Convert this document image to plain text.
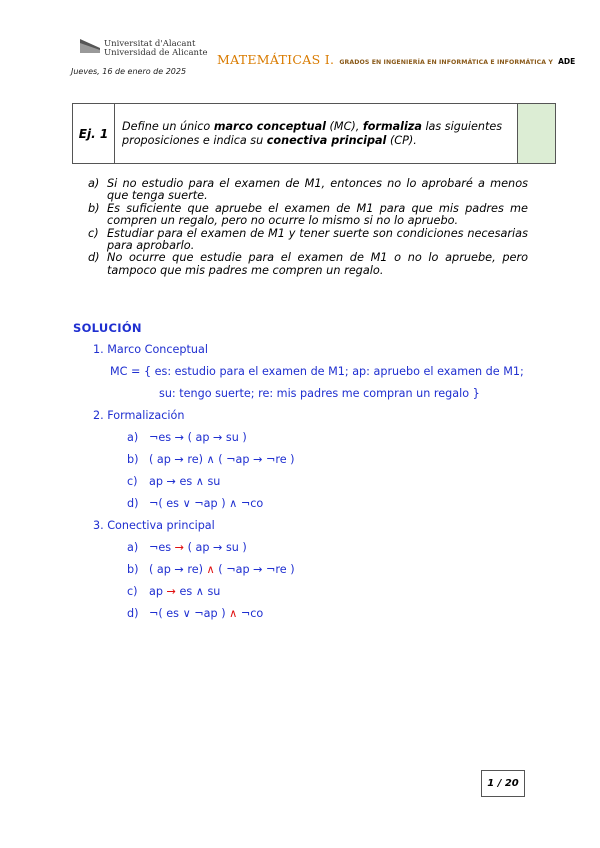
Universitat d'Alacant
Universidad de Alicante MATEMÁTICAS I. GRADOS EN INGENIERÍA EN INFORMÁTICA E INFORMÁTICA Y ADE
Jueves, 16 de enero de 2025
Ej. 1
Define un único marco conceptual (MC), formaliza las siguientes proposiciones e indica su conectiva principal (CP).
a) Si no estudio para el examen de M1, entonces no lo aprobaré a menos que tenga suerte.
b) Es suficiente que apruebe el examen de M1 para que mis padres me compren un regalo, pero no ocurre lo mismo si no lo apruebo.
c) Estudiar para el examen de M1 y tener suerte son condiciones necesarias para aprobarlo.
d) No ocurre que estudie para el examen de M1 o no lo apruebe, pero tampoco que mis padres me compren un regalo.
SOLUCIÓN
1. Marco Conceptual
MC = { es: estudio para el examen de M1; ap: apruebo el examen de M1;
su: tengo suerte; re: mis padres me compran un regalo }
2. Formalización
a) ¬es → ( ap → su )
b) ( ap → re) ∧ ( ¬ap → ¬re )
c) ap → es ∧ su
d) ¬( es ∨ ¬ap ) ∧ ¬co
3. Conectiva principal
a) ¬es → ( ap → su )
b) ( ap → re) ∧ ( ¬ap → ¬re )
c) ap → es ∧ su
d) ¬( es ∨ ¬ap ) ∧ ¬co
1 / 20
